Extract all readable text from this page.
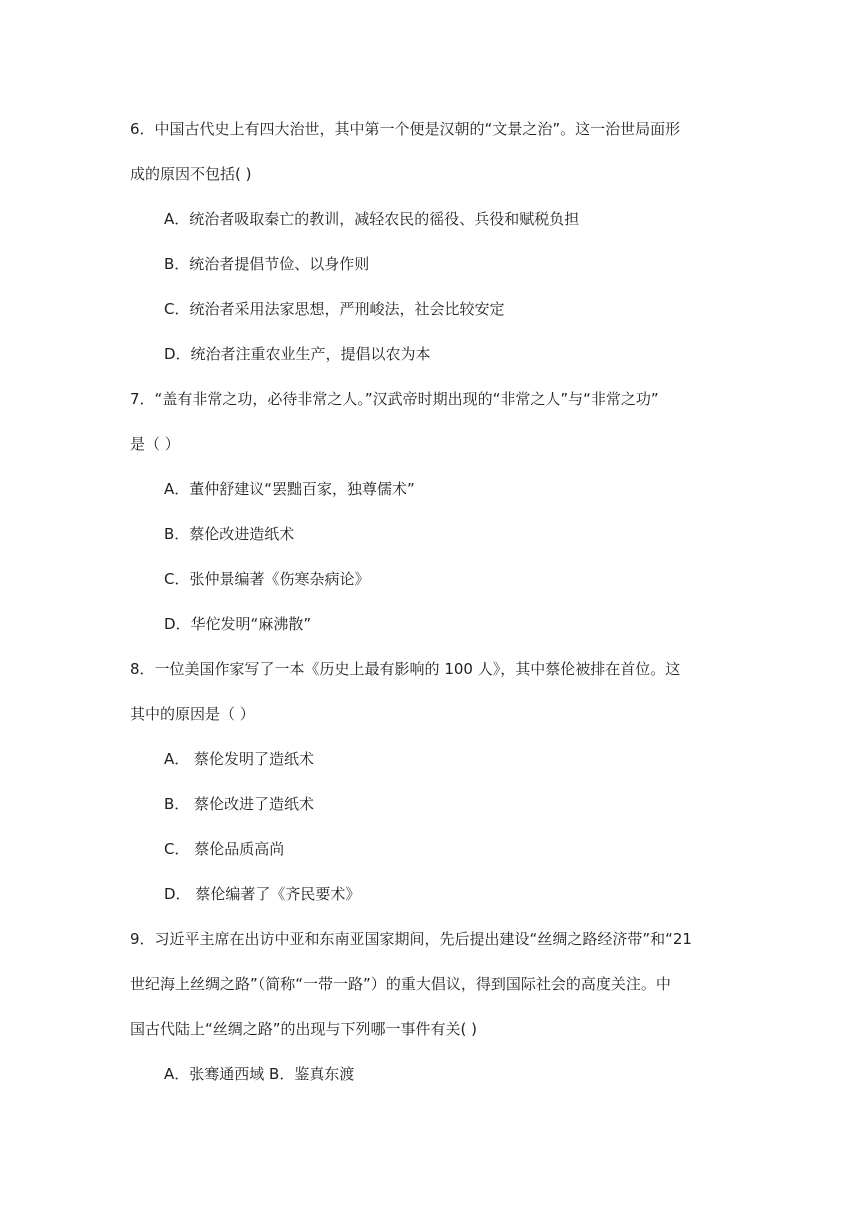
6．中国古代史上有四大治世，其中第一个便是汉朝的“文景之治”。这一治世局面形
成的原因不包括( )
A．统治者吸取秦亡的教训，减轻农民的徭役、兵役和赋税负担
B．统治者提倡节俭、以身作则
C．统治者采用法家思想，严刑峻法，社会比较安定
D．统治者注重农业生产，提倡以农为本
7．“盖有非常之功，必待非常之人。”汉武帝时期出现的“非常之人”与“非常之功”
是（ ）
A．董仲舒建议“罢黜百家，独尊儒术”
B．蔡伦改进造纸术
C．张仲景编著《伤寒杂病论》
D．华佗发明“麻沸散”
8．一位美国作家写了一本《历史上最有影响的 100 人》，其中蔡伦被排在首位。这
其中的原因是（ ）
A． 蔡伦发明了造纸术
B． 蔡伦改进了造纸术
C． 蔡伦品质高尚
D． 蔡伦编著了《齐民要术》
9．习近平主席在出访中亚和东南亚国家期间，先后提出建设“丝绸之路经济带”和“21
世纪海上丝绸之路”（简称“一带一路”）的重大倡议，得到国际社会的高度关注。中
国古代陆上“丝绸之路”的出现与下列哪一事件有关( )
A．张骞通西域 B．鉴真东渡
